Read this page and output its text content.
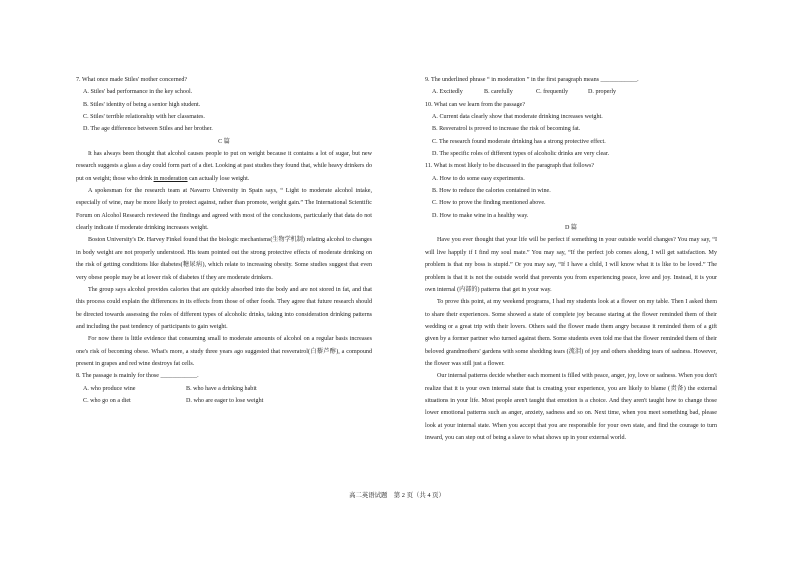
7. What once made Stiles' mother concerned?

A. Stiles' bad performance in the key school.

B. Stiles' identity of being a senior high student.

C. Stiles' terrible relationship with her classmates.

D. The age difference between Stiles and her brother.

C 篇

It has always been thought that alcohol causes people to put on weight because it contains a lot of sugar, but new research suggests a glass a day could form part of a diet. Looking at past studies they found that, while heavy drinkers do put on weight; those who drink in moderation can actually lose weight.

A spokesman for the research team at Navarro University in Spain says, “ Light to moderate alcohol intake, especially of wine, may be more likely to protect against, rather than promote, weight gain.” The International Scientific Forum on Alcohol Research reviewed the findings and agreed with most of the conclusions, particularly that data do not clearly indicate if moderate drinking increases weight.

Boston University's Dr. Harvey Finkel found that the biologic mechanisms(生物学机制) relating alcohol to changes in body weight are not properly understood. His team pointed out the strong protective effects of moderate drinking on the risk of getting conditions like diabetes(糖尿病), which relate to increasing obesity. Some studies suggest that even very obese people may be at lower risk of diabetes if they are moderate drinkers.

The group says alcohol provides calories that are quickly absorbed into the body and are not stored in fat, and that this process could explain the differences in its effects from those of other foods. They agree that future research should be directed towards assessing the roles of different types of alcoholic drinks, taking into consideration drinking patterns and including the past tendency of participants to gain weight.

For now there is little evidence that consuming small to moderate amounts of alcohol on a regular basis increases one's risk of becoming obese. What's more, a study three years ago suggested that resveratrol(白藜芦醇), a compound present in grapes and red wine destroys fat cells.

8. The passage is mainly for those ____________.

A. who produce wine	B. who have a drinking habit
C. who go on a diet	D. who are eager to lose weight

9. The underlined phrase “ in moderation ” in the first paragraph means ____________.

A. Excitedly	B. carefully	C. frequently	D. properly

10. What can we learn from the passage?

A. Current data clearly show that moderate drinking increases weight.

B. Resveratrol is proved to increase the risk of becoming fat.

C. The research found moderate drinking has a strong protective effect.

D. The specific roles of different types of alcoholic drinks are very clear.

11. What is most likely to be discussed in the paragraph that follows?

A. How to do some easy experiments.

B. How to reduce the calories contained in wine.

C. How to prove the finding mentioned above.

D. How to make wine in a healthy way.

D 篇

Have you ever thought that your life will be perfect if something in your outside world changes? You may say, “I will live happily if I find my soul mate.” You may say, “If the perfect job comes along, I will get satisfaction. My problem is that my boss is stupid.” Or you may say, “If I have a child, I will know what it is like to be loved.” The problem is that it is not the outside world that prevents you from experiencing peace, love and joy. Instead, it is your own internal (内部的) patterns that get in your way.

To prove this point, at my weekend programs, I had my students look at a flower on my table. Then I asked them to share their experiences. Some showed a state of complete joy because staring at the flower reminded them of their wedding or a great trip with their lovers. Others said the flower made them angry because it reminded them of a gift given by a former partner who turned against them. Some students even told me that the flower reminded them of their beloved grandmothers' gardens with some shedding tears (流泪) of joy and others shedding tears of sadness. However, the flower was still just a flower.

Our internal patterns decide whether each moment is filled with peace, anger, joy, love or sadness. When you don't realize that it is your own internal state that is creating your experience, you are likely to blame (责备) the external situations in your life. Most people aren't taught that emotion is a choice. And they aren't taught how to change those lower emotional patterns such as anger, anxiety, sadness and so on. Next time, when you meet something bad, please look at your internal state. When you accept that you are responsible for your own state, and find the courage to turn inward, you can step out of being a slave to what shows up in your external world.

高二英语试题　第 2 页（共 4 页）
